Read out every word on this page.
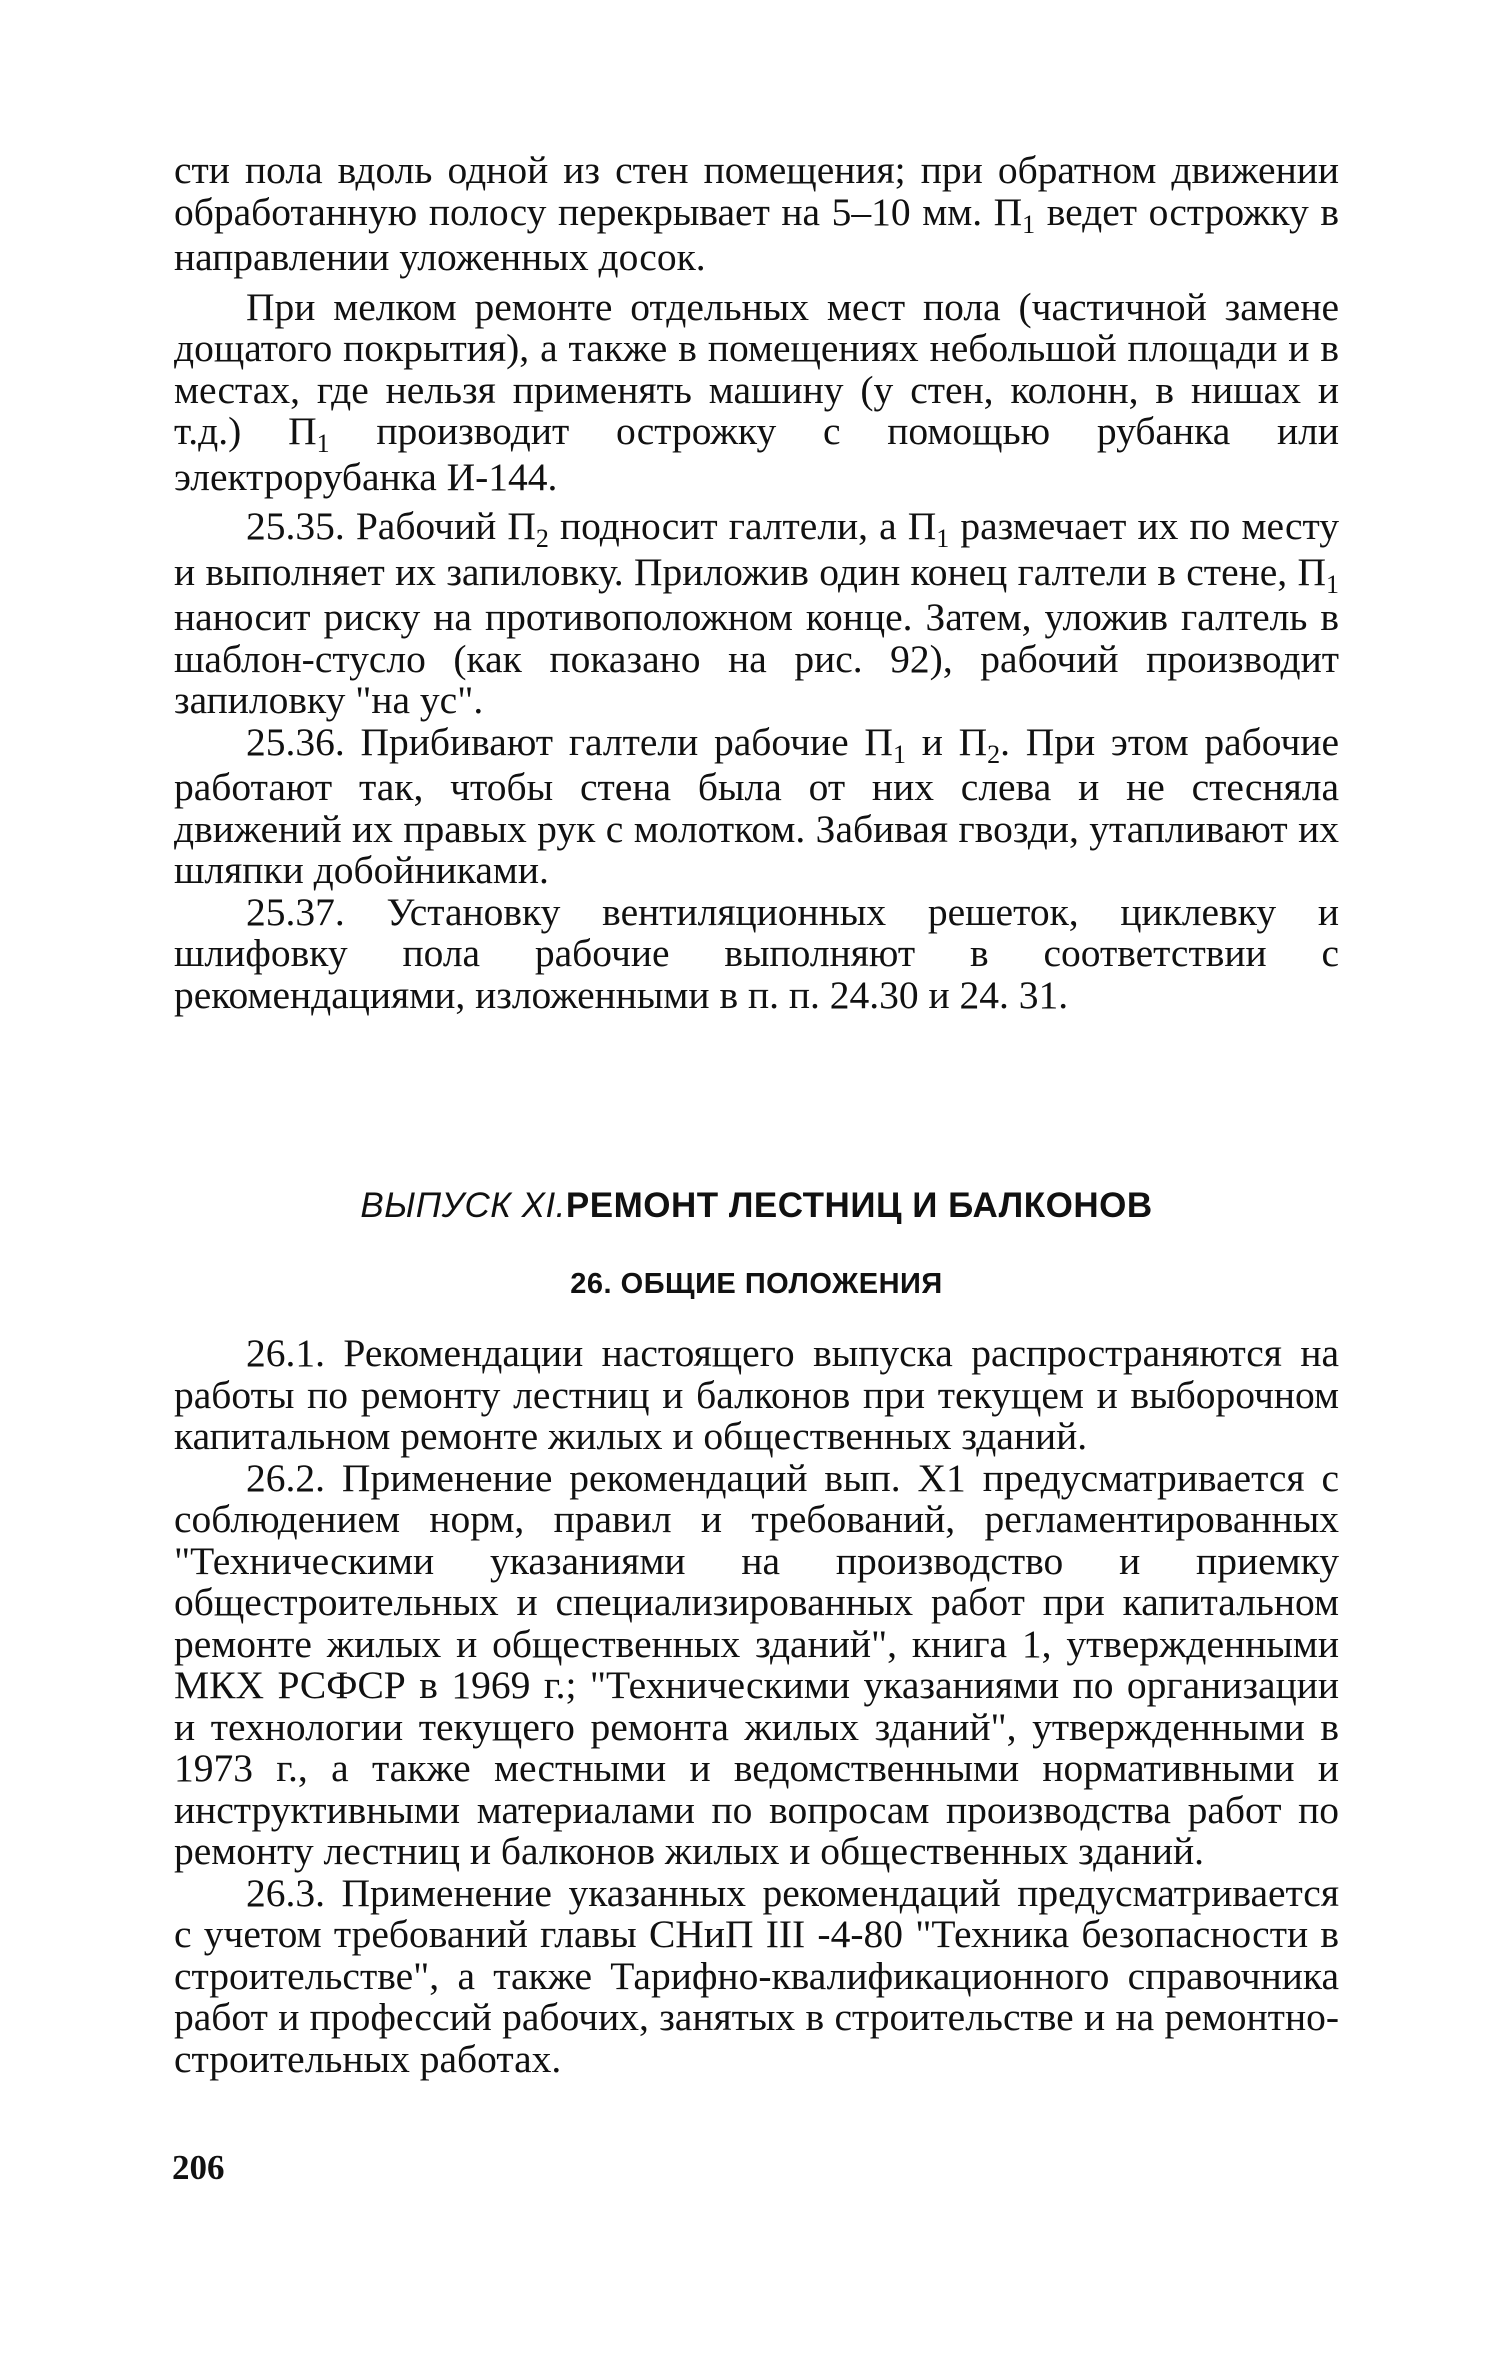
сти пола вдоль одной из стен помещения; при обратном движении обработанную полосу перекрывает на 5–10 мм. $П_1$ ведет острожку в направлении уложенных досок.

При мелком ремонте отдельных мест пола (частичной замене дощатого покрытия), а также в помещениях небольшой площади и в местах, где нельзя применять машину (у стен, колонн, в нишах и т.д.) $П_1$ производит острожку с помощью рубанка или электрорубанка И-144.

25.35. Рабочий $П_2$ подносит галтели, а $П_1$ размечает их по месту и выполняет их запиловку. Приложив один конец галтели в стене, $П_1$ наносит риску на противоположном конце. Затем, уложив галтель в шаблон-стусло (как показано на рис. 92), рабочий производит запиловку "на ус".

25.36. Прибивают галтели рабочие $П_1$ и $П_2$. При этом рабочие работают так, чтобы стена была от них слева и не стесняла движений их правых рук с молотком. Забивая гвозди, утапливают их шляпки добойниками.

25.37. Установку вентиляционных решеток, циклевку и шлифовку пола рабочие выполняют в соответствии с рекомендациями, изложенными в п. п. 24.30 и 24. 31.

ВЫПУСК XI.РЕМОНТ ЛЕСТНИЦ И БАЛКОНОВ
26. ОБЩИЕ ПОЛОЖЕНИЯ

26.1. Рекомендации настоящего выпуска распространяются на работы по ремонту лестниц и балконов при текущем и выборочном капитальном ремонте жилых и общественных зданий.

26.2. Применение рекомендаций вып. X1 предусматривается с соблюдением норм, правил и требований, регламентированных "Техническими указаниями на производство и приемку общестроительных и специализированных работ при капитальном ремонте жилых и общественных зданий", книга 1, утвержденными МКХ РСФСР в 1969 г.; "Техническими указаниями по организации и технологии текущего ремонта жилых зданий", утвержденными в 1973 г., а также местными и ведомственными нормативными и инструктивными материалами по вопросам производства работ по ремонту лестниц и балконов жилых и общественных зданий.

26.3. Применение указанных рекомендаций предусматривается с учетом требований главы СНиП III -4-80 "Техника безопасности в строительстве", а также Тарифно-квалификационного справочника работ и профессий рабочих, занятых в строительстве и на ремонтно-строительных работах.

206
